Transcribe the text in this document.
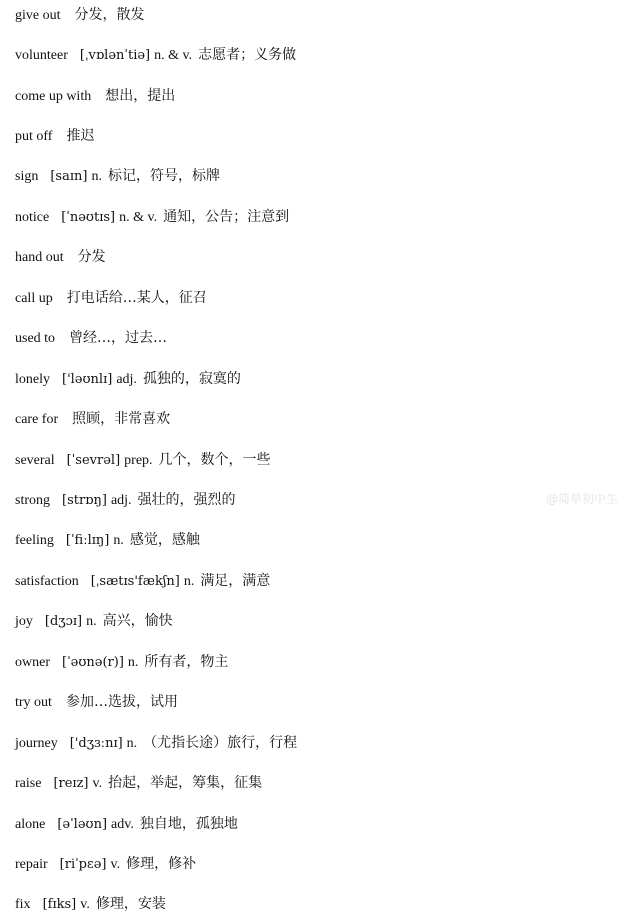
give out 分发，散发
volunteer [ˌvɒlənˈtiə] n. & v. 志愿者；义务做
come up with 想出，提出
put off 推迟
sign [saɪn] n. 标记，符号，标牌
notice [ˈnəʊtɪs] n. & v. 通知，公告；注意到
hand out 分发
call up 打电话给…某人，征召
used to 曾经…，过去…
lonely ['ləʊnlɪ] adj. 孤独的，寂寞的
care for 照顾，非常喜欢
several [ˈsevrəl] prep. 几个，数个，一些
strong [strɒŋ] adj. 强壮的，强烈的
feeling [ˈfiːlɪŋ] n. 感觉，感触
satisfaction [ˌsætɪs'fækʃn] n. 满足，满意
joy [dʒɔɪ] n. 高兴，愉快
owner [ˈəʊnə(r)] n. 所有者，物主
try out 参加…选拔，试用
journey ['dʒɜːnɪ] n. （尤指长途）旅行，行程
raise [reɪz] v. 抬起，举起，筹集，征集
alone [əˈləʊn] adv. 独自地，孤独地
repair [riˈpɛə] v. 修理，修补
fix [fɪks] v. 修理，安装
@简单初中生
